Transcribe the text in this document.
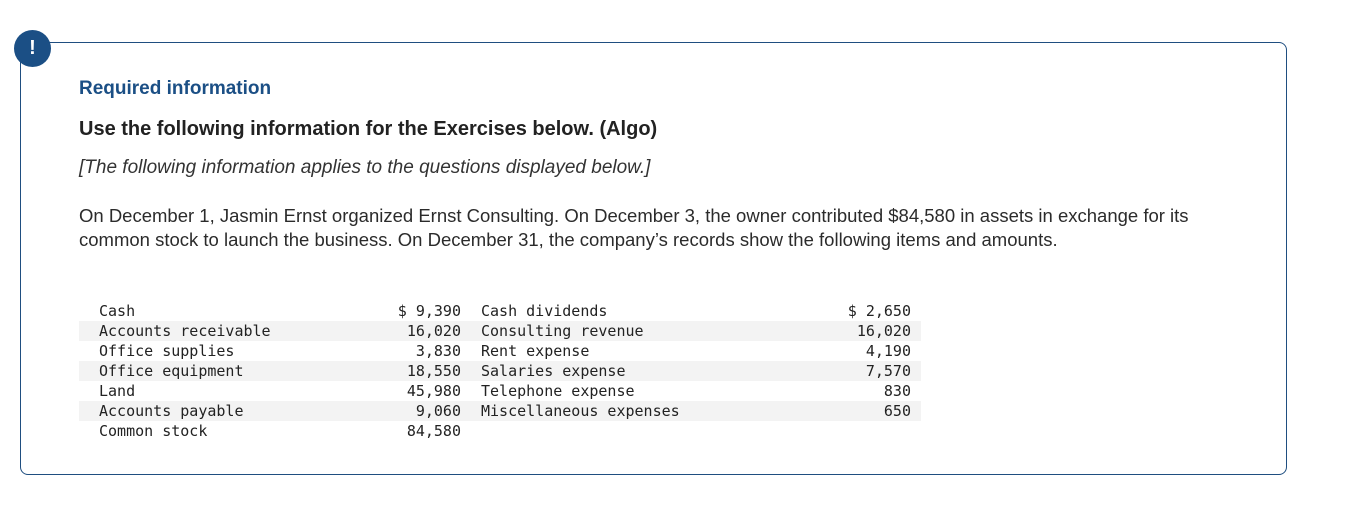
!
Required information
Use the following information for the Exercises below. (Algo)

[The following information applies to the questions displayed below.]

On December 1, Jasmin Ernst organized Ernst Consulting. On December 3, the owner contributed $84,580 in assets in exchange for its common stock to launch the business. On December 31, the company’s records show the following items and amounts.

Cash	$ 9,390	Cash dividends	$ 2,650
Accounts receivable	16,020	Consulting revenue	16,020
Office supplies	3,830	Rent expense	4,190
Office equipment	18,550	Salaries expense	7,570
Land	45,980	Telephone expense	830
Accounts payable	9,060	Miscellaneous expenses	650
Common stock	84,580
